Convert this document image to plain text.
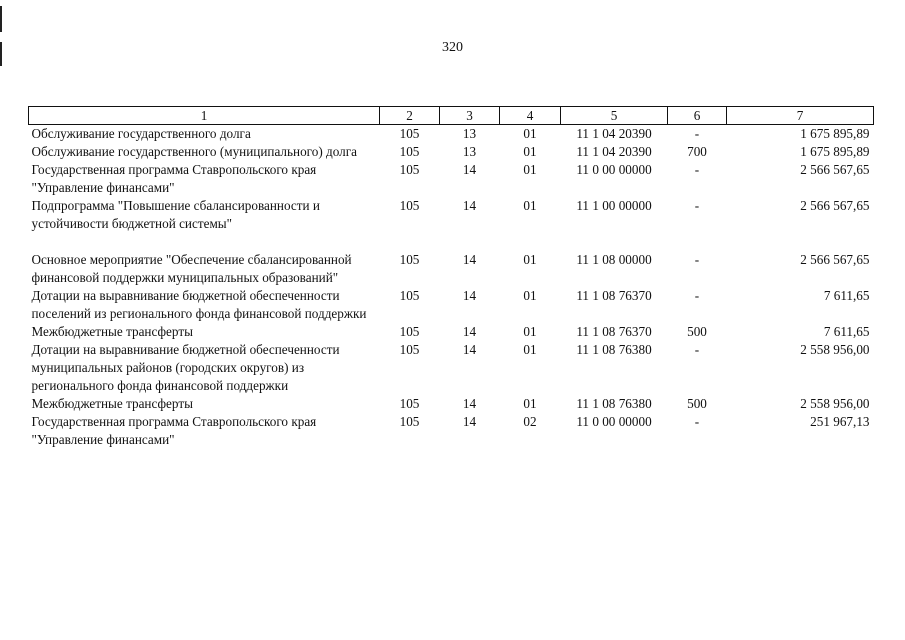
320
1	2	3	4	5	6	7
Обслуживание государственного долга	105	13	01	11 1 04 20390	-	1 675 895,89
Обслуживание государственного (муниципального) долга	105	13	01	11 1 04 20390	700	1 675 895,89
Государственная программа Ставропольского края "Управление финансами"	105	14	01	11 0 00 00000	-	2 566 567,65
Подпрограмма "Повышение сбалансированности и устойчивости бюджетной системы"	105	14	01	11 1 00 00000	-	2 566 567,65
Основное мероприятие "Обеспечение сбалансированной финансовой поддержки муниципальных образований"	105	14	01	11 1 08 00000	-	2 566 567,65
Дотации на выравнивание бюджетной обеспеченности поселений из регионального фонда финансовой поддержки	105	14	01	11 1 08 76370	-	7 611,65
Межбюджетные трансферты	105	14	01	11 1 08 76370	500	7 611,65
Дотации на выравнивание бюджетной обеспеченности муниципальных районов (городских округов) из регионального фонда финансовой поддержки	105	14	01	11 1 08 76380	-	2 558 956,00
Межбюджетные трансферты	105	14	01	11 1 08 76380	500	2 558 956,00
Государственная программа Ставропольского края "Управление финансами"	105	14	02	11 0 00 00000	-	251 967,13
